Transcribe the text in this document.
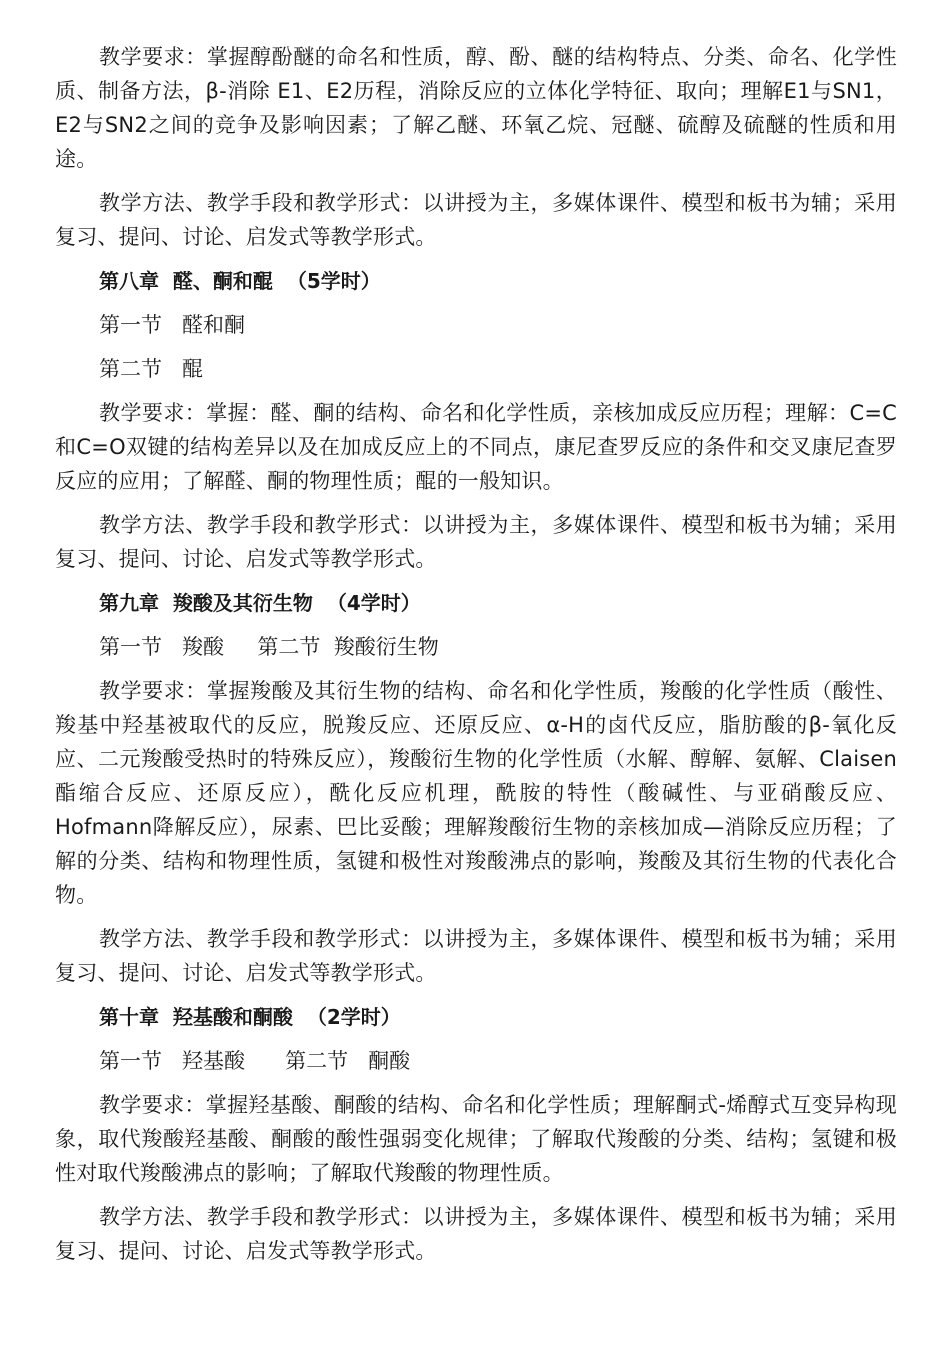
教学要求：掌握醇酚醚的命名和性质，醇、酚、醚的结构特点、分类、命名、化学性质、制备方法，β-消除 E1、E2历程，消除反应的立体化学特征、取向；理解E1与SN1，E2与SN2之间的竞争及影响因素；了解乙醚、环氧乙烷、冠醚、硫醇及硫醚的性质和用途。

教学方法、教学手段和教学形式：以讲授为主，多媒体课件、模型和板书为辅；采用复习、提问、讨论、启发式等教学形式。

第八章  醛、酮和醌  （5学时）

第一节   醛和酮

第二节   醌

教学要求：掌握：醛、酮的结构、命名和化学性质，亲核加成反应历程；理解：C=C和C=O双键的结构差异以及在加成反应上的不同点，康尼查罗反应的条件和交叉康尼查罗反应的应用；了解醛、酮的物理性质；醌的一般知识。

教学方法、教学手段和教学形式：以讲授为主，多媒体课件、模型和板书为辅；采用复习、提问、讨论、启发式等教学形式。

第九章  羧酸及其衍生物  （4学时）

第一节   羧酸     第二节  羧酸衍生物

教学要求：掌握羧酸及其衍生物的结构、命名和化学性质，羧酸的化学性质（酸性、羧基中羟基被取代的反应，脱羧反应、还原反应、α-H的卤代反应，脂肪酸的β-氧化反应、二元羧酸受热时的特殊反应），羧酸衍生物的化学性质（水解、醇解、氨解、Claisen酯缩合反应、还原反应），酰化反应机理，酰胺的特性（酸碱性、与亚硝酸反应、Hofmann降解反应），尿素、巴比妥酸；理解羧酸衍生物的亲核加成—消除反应历程；了解的分类、结构和物理性质，氢键和极性对羧酸沸点的影响，羧酸及其衍生物的代表化合物。

教学方法、教学手段和教学形式：以讲授为主，多媒体课件、模型和板书为辅；采用复习、提问、讨论、启发式等教学形式。

第十章  羟基酸和酮酸  （2学时）

第一节   羟基酸      第二节   酮酸

教学要求：掌握羟基酸、酮酸的结构、命名和化学性质；理解酮式-烯醇式互变异构现象，取代羧酸羟基酸、酮酸的酸性强弱变化规律；了解取代羧酸的分类、结构；氢键和极性对取代羧酸沸点的影响；了解取代羧酸的物理性质。

教学方法、教学手段和教学形式：以讲授为主，多媒体课件、模型和板书为辅；采用复习、提问、讨论、启发式等教学形式。
